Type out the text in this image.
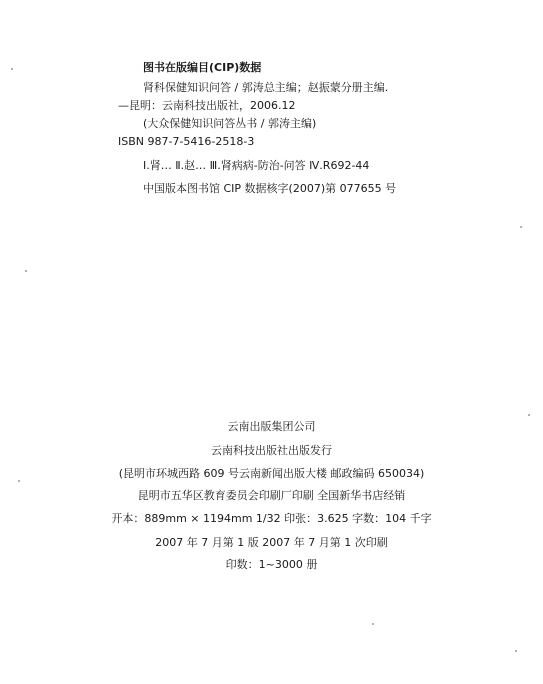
图书在版编目(CIP)数据
肾科保健知识问答 / 郭涛总主编；赵振蒙分册主编.
—昆明：云南科技出版社，2006.12
(大众保健知识问答丛书 / 郭涛主编)
ISBN 987-7-5416-2518-3
Ⅰ.肾… Ⅱ.赵… Ⅲ.肾病病-防治-问答 Ⅳ.R692-44
中国版本图书馆 CIP 数据核字(2007)第 077655 号
云南出版集团公司
云南科技出版社出版发行
(昆明市环城西路 609 号云南新闻出版大楼 邮政编码 650034)
昆明市五华区教育委员会印刷厂印刷 全国新华书店经销
开本：889mm × 1194mm 1/32 印张：3.625 字数：104 千字
2007 年 7 月第 1 版 2007 年 7 月第 1 次印刷
印数：1~3000 册
